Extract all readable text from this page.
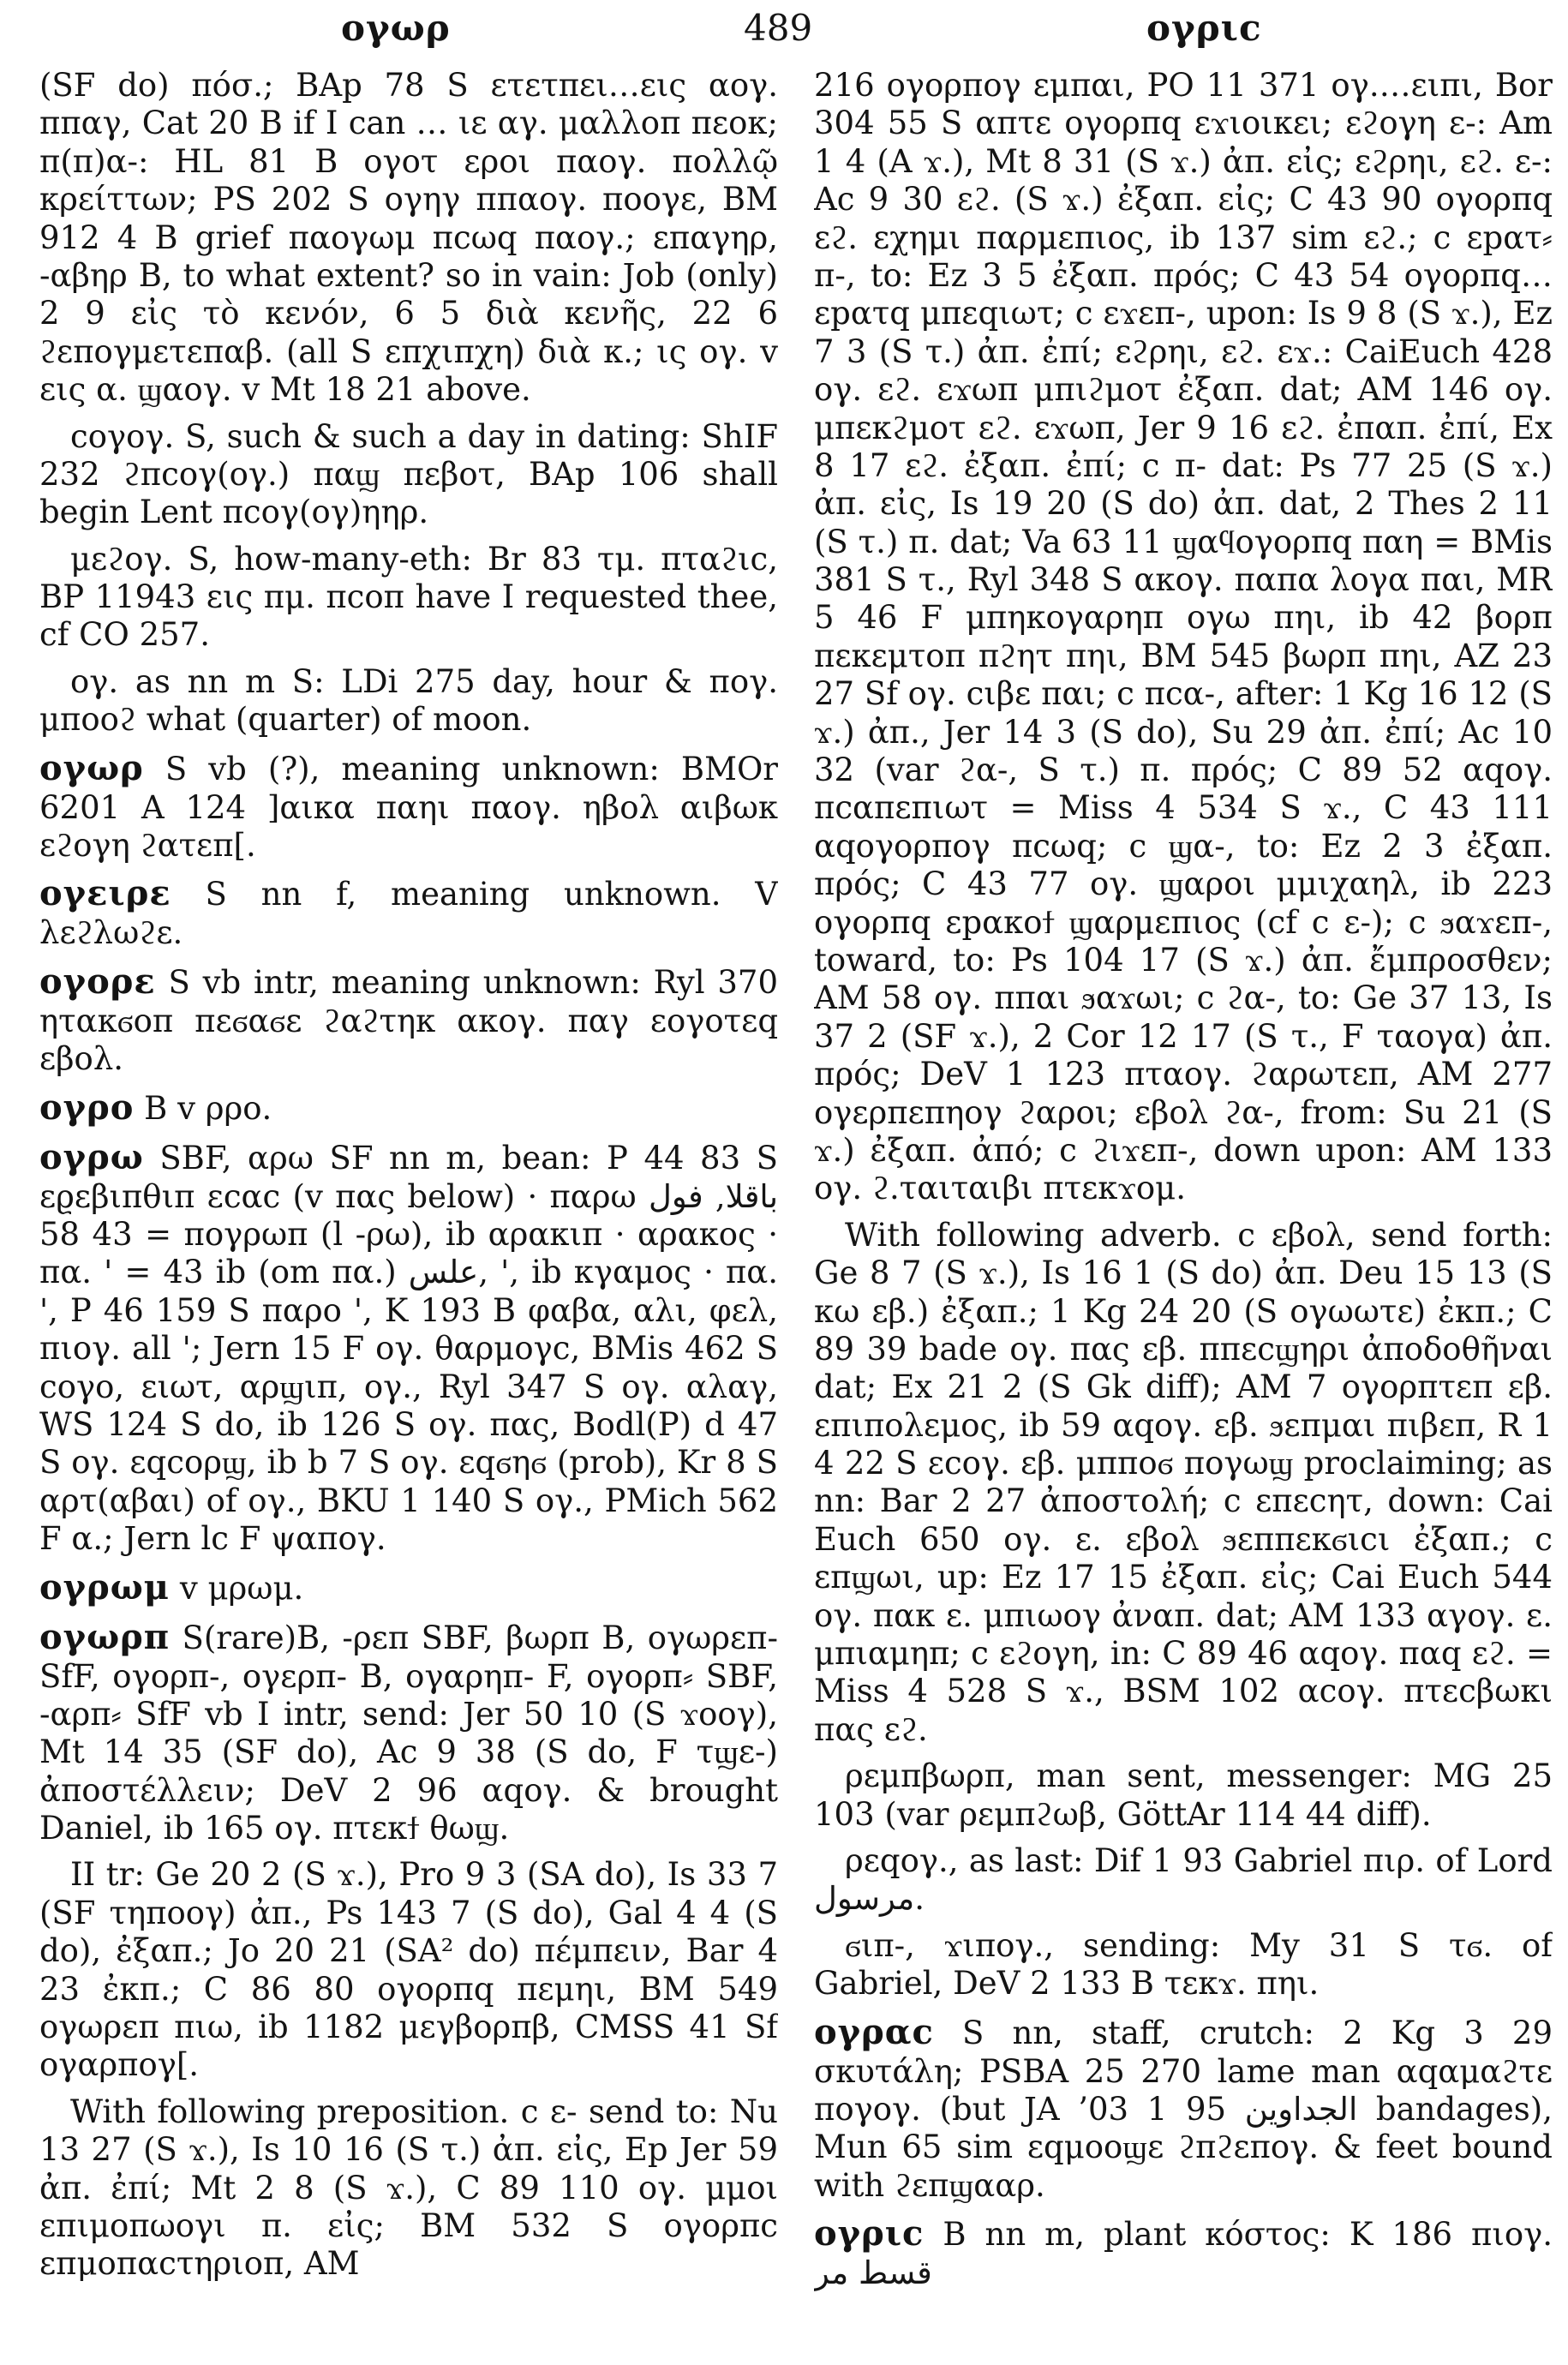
ογωρ	489	ογριc

(SF do) πόσ.; BAp 78 S ετετπει…εις αογ. ππαγ, Cat 20 B if I can … ιε αγ. μαλλοπ πεοκ; π(π)α-: HL 81 B ογοτ εροι παογ. πολλῷ κρείττων; PS 202 S ογηγ ππαογ. ποογε, BM 912 4 B grief παογωμ πcωq παογ.; επαγηρ, -αβηρ B, to what extent? so in vain: Job (only) 2 9 εἰς τὸ κενόν, 6 5 διὰ κενῆς, 22 6 ϩεπογμετεπαβ. (all S επχιπχη) διὰ κ.; ις ογ. v εις α. ϣαογ. v Mt 18 21 above.

cογογ. S, such & such a day in dating: ShIF 232 ϩπcογ(ογ.) παϣ πεβοτ, BAp 106 shall begin Lent πcογ(ογ)ηηρ.

μεϩογ. S, how-many-eth: Br 83 τμ. πταϩιc, BP 11943 εις πμ. πcοπ have I requested thee, cf CO 257.

ογ. as nn m S: LDi 275 day, hour & πογ. μποοϩ what (quarter) of moon.

ογωρ S vb (?), meaning unknown: BMOr 6201 A 124 ]αικα παηι παογ. ηβολ αιβωκ εϩογη ϩατεπ[.

ογειρε S nn f, meaning unknown. V λεϩλωϩε.

ογορε S vb intr, meaning unknown: Ryl 370 ητακϭοπ πεϭαϭε ϩαϩτηκ ακογ. παγ εογοτεq εβολ.

ογρο B v ρρο.

ογρω SBF, αρω SF nn m, bean: P 44 83 S εϱεβιπθιπ εcαc (v πας below) · παρω باقلا, فول = 43 58 πογρωπ (l -ρω), ib αρακιπ · αρακος · πα. ' = 43 ib (om πα.) علس, ', ib κγαμος · πα. ', P 46 159 S παρο ', K 193 B φαβα, αλι, φελ, πιογ. all '; Jern 15 F ογ. θαρμογc, BMis 462 S cογο, ειωτ, αρϣιπ, ογ., Ryl 347 S ογ. αλαγ, WS 124 S do, ib 126 S ογ. πας, Bodl(P) d 47 S ογ. εqcορϣ, ib b 7 S ογ. εqϭηϭ (prob), Kr 8 S αρτ(αβαι) of ογ., BKU 1 140 S ογ., PMich 562 F α.; Jern lc F ψαπογ.

ογρωμ v μρωμ.

ογωρπ S(rare)B, -ρεπ SBF, βωρπ B, ογωρεπ- SfF, ογορπ-, ογερπ- B, ογαρηπ- F, ογορπ⸗ SBF, -αρπ⸗ SfF vb I intr, send: Jer 50 10 (S ϫοογ), Mt 14 35 (SF do), Ac 9 38 (S do, F τϣε-) ἀποστέλλειν; DeV 2 96 αqογ. & brought Daniel, ib 165 ογ. πτεκϯ θωϣ.

II tr: Ge 20 2 (S ϫ.), Pro 9 3 (SA do), Is 33 7 (SF τηποογ) ἀπ., Ps 143 7 (S do), Gal 4 4 (S do), ἐξαπ.; Jo 20 21 (SA² do) πέμπειν, Bar 4 23 ἐκπ.; C 86 80 ογορπq πεμηι, BM 549 ογωρεπ πιω, ib 1182 μεγβορπβ, CMSS 41 Sf ογαρπογ[.

With following preposition. c ε- send to: Nu 13 27 (S ϫ.), Is 10 16 (S τ.) ἀπ. εἰς, Ep Jer 59 ἀπ. ἐπί; Mt 2 8 (S ϫ.), C 89 110 ογ. μμοι επιμοπωογι π. εἰς; BM 532 S ογορπc επμοπαcτηριοπ, AM

216 ογορπογ εμπαι, PO 11 371 ογ.…ειπι, Bor 304 55 S απτε ογορπq εϫιοικει; εϩογη ε-: Am 1 4 (A ϫ.), Mt 8 31 (S ϫ.) ἀπ. εἰς; εϩρηι, εϩ. ε-: Ac 9 30 εϩ. (S ϫ.) ἐξαπ. εἰς; C 43 90 ογορπq εϩ. εχημι παρμεπιος, ib 137 sim εϩ.; c εpατ⸗ π-, to: Ez 3 5 ἐξαπ. πρός; C 43 54 ογορπq…εpατq μπεqιωτ; c εϫεπ-, upon: Is 9 8 (S ϫ.), Ez 7 3 (S τ.) ἀπ. ἐπί; εϩρηι, εϩ. εϫ.: CaiEuch 428 ογ. εϩ. εϫωπ μπιϩμοτ ἐξαπ. dat; AM 146 ογ. μπεκϩμοτ εϩ. εϫωπ, Jer 9 16 εϩ. ἐπαπ. ἐπί, Ex 8 17 εϩ. ἐξαπ. ἐπί; c π- dat: Ps 77 25 (S ϫ.) ἀπ. εἰς, Is 19 20 (S do) ἀπ. dat, 2 Thes 2 11 (S τ.) π. dat; Va 63 11 ϣαϥογορπq παη = BMis 381 S τ., Ryl 348 S ακογ. παπα λογα παι, MR 5 46 F μπηκογαρηπ ογω πηι, ib 42 βορπ πεκεμτοπ πϩητ πηι, BM 545 βωρπ πηι, AZ 23 27 Sf ογ. cιβε παι; c πcα-, after: 1 Kg 16 12 (S ϫ.) ἀπ., Jer 14 3 (S do), Su 29 ἀπ. ἐπί; Ac 10 32 (var ϩα-, S τ.) π. πρός; C 89 52 αqογ. πcαπεπιωτ = Miss 4 534 S ϫ., C 43 111 αqογορπογ πcωq; c ϣα-, to: Ez 2 3 ἐξαπ. πρός; C 43 77 ογ. ϣαροι μμιχαηλ, ib 223 ογορπq εpακοϯ ϣαρμεπιος (cf c ε-); c ϧαϫεπ-, toward, to: Ps 104 17 (S ϫ.) ἀπ. ἔμπροσθεν; AM 58 ογ. ππαι ϧαϫωι; c ϩα-, to: Ge 37 13, Is 37 2 (SF ϫ.), 2 Cor 12 17 (S τ., F ταογα) ἀπ. πρός; DeV 1 123 πταογ. ϩαρωτεπ, AM 277 ογερπεπηογ ϩαροι; εβολ ϩα-, from: Su 21 (S ϫ.) ἐξαπ. ἀπό; c ϩιϫεπ-, down upon: AM 133 ογ. ϩ.ταιταιβι πτεκϫομ.

With following adverb. c εβολ, send forth: Ge 8 7 (S ϫ.), Is 16 1 (S do) ἀπ. Deu 15 13 (S κω εβ.) ἐξαπ.; 1 Kg 24 20 (S ογωωτε) ἐκπ.; C 89 39 bade ογ. πας εβ. ππεcϣηρι ἀποδοθῆναι dat; Ex 21 2 (S Gk diff); AM 7 ογορπτεπ εβ. επιπολεμος, ib 59 αqογ. εβ. ϧεπμαι πιβεπ, R 1 4 22 S εcογ. εβ. μπποϭ πογωϣ proclaiming; as nn: Bar 2 27 ἀποστολή; c επεcητ, down: Cai Euch 650 ογ. ε. εβολ ϧεππεκϭιcι ἐξαπ.; c επϣωι, up: Ez 17 15 ἐξαπ. εἰς; Cai Euch 544 ογ. πακ ε. μπιωογ ἀναπ. dat; AM 133 αγογ. ε. μπιαμηπ; c εϩογη, in: C 89 46 αqογ. παq εϩ. = Miss 4 528 S ϫ., BSM 102 αcογ. πτεcβωκι πας εϩ.

ρεμπβωρπ, man sent, messenger: MG 25 103 (var ρεμπϩωβ, GöttAr 114 44 diff).

ρεqογ., as last: Dif 1 93 Gabriel πιρ. of Lord مرسول.

ϭιπ-, ϫιπογ., sending: My 31 S τϭ. of Gabriel, DeV 2 133 B τεκϫ. πηι.

ογραc S nn, staff, crutch: 2 Kg 3 29 σκυτάλη; PSBA 25 270 lame man αqαμαϩτε πογογ. (but JA ’03 1 95 الجداوين bandages), Mun 65 sim εqμοοϣε ϩπϩεπογ. & feet bound with ϩεπϣααρ.

ογριc B nn m, plant κόστος: K 186 πιογ. قسط مر
